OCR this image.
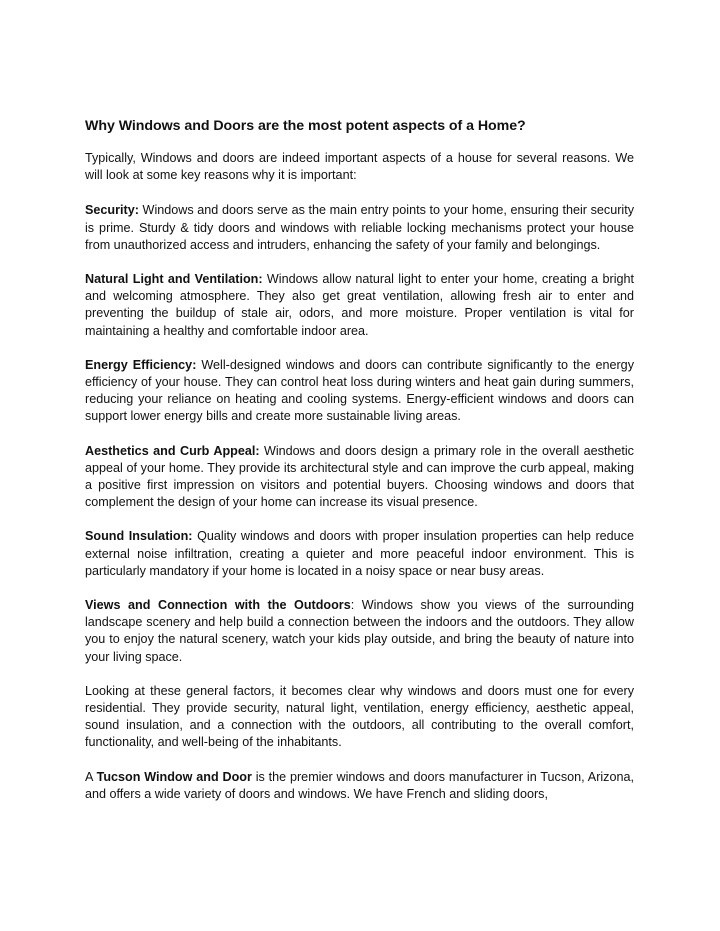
Why Windows and Doors are the most potent aspects of a Home?

Typically, Windows and doors are indeed important aspects of a house for several reasons. We will look at some key reasons why it is important:

Security: Windows and doors serve as the main entry points to your home, ensuring their security is prime. Sturdy & tidy doors and windows with reliable locking mechanisms protect your house from unauthorized access and intruders, enhancing the safety of your family and belongings.

Natural Light and Ventilation: Windows allow natural light to enter your home, creating a bright and welcoming atmosphere. They also get great ventilation, allowing fresh air to enter and preventing the buildup of stale air, odors, and more moisture. Proper ventilation is vital for maintaining a healthy and comfortable indoor area.

Energy Efficiency: Well-designed windows and doors can contribute significantly to the energy efficiency of your house. They can control heat loss during winters and heat gain during summers, reducing your reliance on heating and cooling systems. Energy-efficient windows and doors can support lower energy bills and create more sustainable living areas.

Aesthetics and Curb Appeal: Windows and doors design a primary role in the overall aesthetic appeal of your home. They provide its architectural style and can improve the curb appeal, making a positive first impression on visitors and potential buyers. Choosing windows and doors that complement the design of your home can increase its visual presence.

Sound Insulation: Quality windows and doors with proper insulation properties can help reduce external noise infiltration, creating a quieter and more peaceful indoor environment. This is particularly mandatory if your home is located in a noisy space or near busy areas.

Views and Connection with the Outdoors: Windows show you views of the surrounding landscape scenery and help build a connection between the indoors and the outdoors. They allow you to enjoy the natural scenery, watch your kids play outside, and bring the beauty of nature into your living space.

Looking at these general factors, it becomes clear why windows and doors must one for every residential. They provide security, natural light, ventilation, energy efficiency, aesthetic appeal, sound insulation, and a connection with the outdoors, all contributing to the overall comfort, functionality, and well-being of the inhabitants.

A Tucson Window and Door is the premier windows and doors manufacturer in Tucson, Arizona, and offers a wide variety of doors and windows. We have French and sliding doors,
